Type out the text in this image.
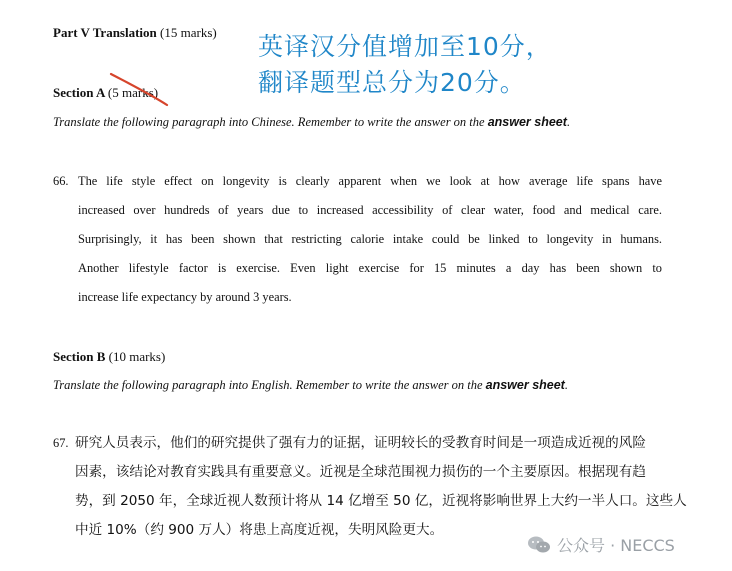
Part V Translation (15 marks) 英译汉分值增加至10分，
翻译题型总分为20分。
Section A (5 marks)
Translate the following paragraph into Chinese. Remember to write the answer on the answer sheet.
66. The life style effect on longevity is clearly apparent when we look at how average life spans have
increased over hundreds of years due to increased accessibility of clear water, food and medical care.
Surprisingly, it has been shown that restricting calorie intake could be linked to longevity in humans.
Another lifestyle factor is exercise. Even light exercise for 15 minutes a day has been shown to
increase life expectancy by around 3 years.
Section B (10 marks)
Translate the following paragraph into English. Remember to write the answer on the answer sheet.
67. 研究人员表示，他们的研究提供了强有力的证据，证明较长的受教育时间是一项造成近视的风险
因素，该结论对教育实践具有重要意义。近视是全球范围视力损伤的一个主要原因。根据现有趋
势，到 2050 年，全球近视人数预计将从 14 亿增至 50 亿，近视将影响世界上大约一半人口。这些人
中近 10%（约 900 万人）将患上高度近视，失明风险更大。
公众号 · NECCS
